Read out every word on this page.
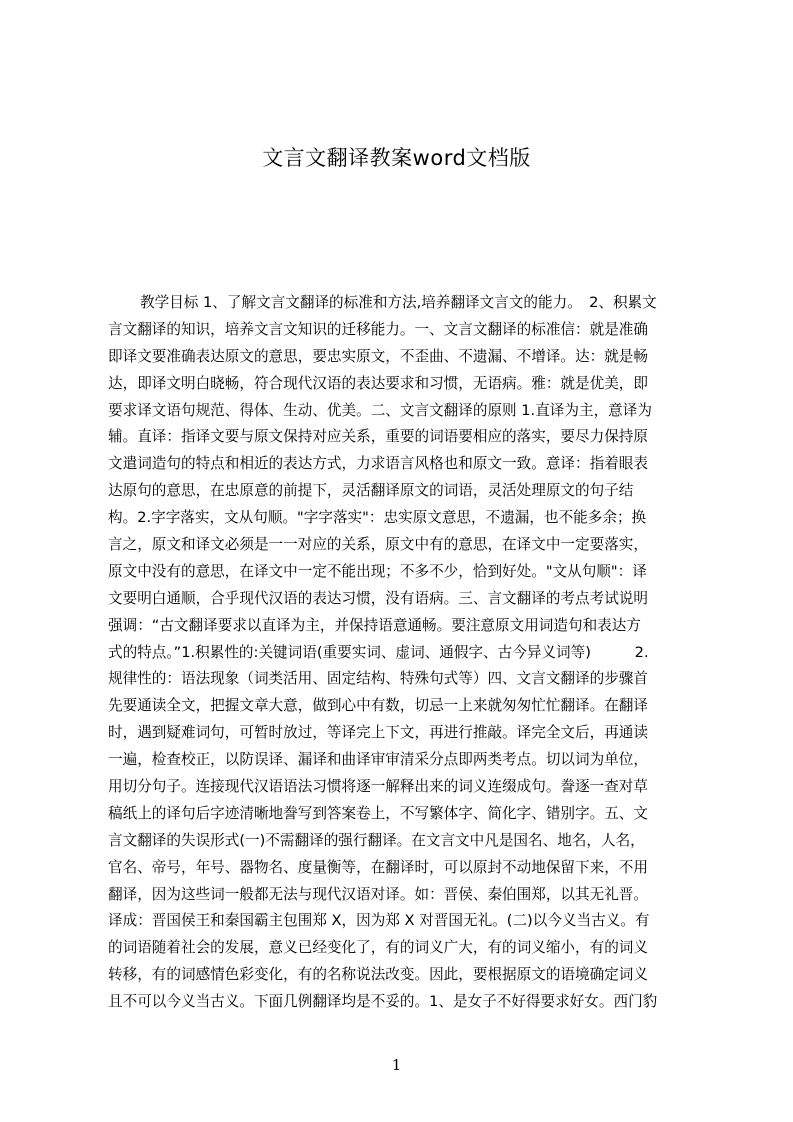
文言文翻译教案word文档版
教学目标 1、了解文言文翻译的标准和方法,培养翻译文言文的能力。　2、积累文
言文翻译的知识，培养文言文知识的迁移能力。一、文言文翻译的标准信：就是准确
即译文要准确表达原文的意思，要忠实原文，不歪曲、不遗漏、不增译。达：就是畅
达，即译文明白晓畅，符合现代汉语的表达要求和习惯，无语病。雅：就是优美，即
要求译文语句规范、得体、生动、优美。二、文言文翻译的原则 1.直译为主，意译为
辅。直译：指译文要与原文保持对应关系，重要的词语要相应的落实，要尽力保持原
文遣词造句的特点和相近的表达方式，力求语言风格也和原文一致。意译：指着眼表
达原句的意思，在忠原意的前提下，灵活翻译原文的词语，灵活处理原文的句子结
构。2.字字落实，文从句顺。"字字落实"：忠实原文意思，不遗漏，也不能多余；换
言之，原文和译文必须是一一对应的关系，原文中有的意思，在译文中一定要落实，
原文中没有的意思，在译文中一定不能出现；不多不少，恰到好处。"文从句顺"：译
文要明白通顺，合乎现代汉语的表达习惯，没有语病。三、言文翻译的考点考试说明
强调：“古文翻译要求以直译为主，并保持语意通畅。要注意原文用词造句和表达方
式的特点。”1.积累性的:关键词语(重要实词、虚词、通假字、古今异义词等)　　　2.
规律性的：语法现象（词类活用、固定结构、特殊句式等）四、文言文翻译的步骤首
先要通读全文，把握文章大意，做到心中有数，切忌一上来就匆匆忙忙翻译。在翻译
时，遇到疑难词句，可暂时放过，等译完上下文，再进行推敲。译完全文后，再通读
一遍，检查校正，以防误译、漏译和曲译审审清采分点即两类考点。切以词为单位，
用切分句子。连接现代汉语语法习惯将逐一解释出来的词义连缀成句。誊逐一查对草
稿纸上的译句后字迹清晰地誊写到答案卷上，不写繁体字、简化字、错别字。五、文
言文翻译的失误形式(一)不需翻译的强行翻译。在文言文中凡是国名、地名，人名，
官名、帝号，年号、器物名、度量衡等，在翻译时，可以原封不动地保留下来，不用
翻译，因为这些词一般都无法与现代汉语对译。如：晋侯、秦伯围郑，以其无礼晋。
译成：晋国侯王和秦国霸主包围郑 X，因为郑 X 对晋国无礼。(二)以今义当古义。有
的词语随着社会的发展，意义已经变化了，有的词义广大，有的词义缩小，有的词义
转移，有的词感情色彩变化，有的名称说法改变。因此，要根据原文的语境确定词义
且不可以今义当古义。下面几例翻译均是不妥的。1、是女子不好得要求好女。西门豹
1
